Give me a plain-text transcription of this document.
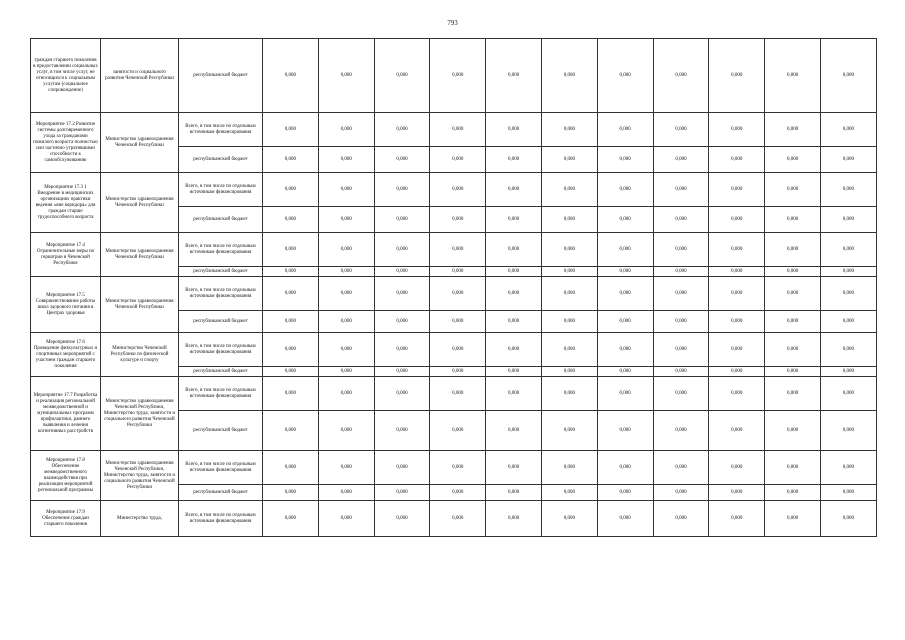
793
граждан старшего поколения в предоставлении социальных услуг, в том числе услуг, не относящихся к социальным услугам (социальное сопровождение)	занятости и социального развития Чеченской Республики	республиканский бюджет	0,000	0,000	0,000	0,000	0,000	0,000	0,000	0,000	0,000	0,000	0,000
Мероприятие 17.2 Развитие системы долговременного ухода за гражданами пожилого возраста полностью или частично утратившими способности к самообслуживанию	Министерство здравоохранения Чеченской Республики	Всего, в том числе по отдельным источникам финансирования	0,000	0,000	0,000	0,000	0,000	0,000	0,000	0,000	0,000	0,000	0,000
		республиканский бюджет	0,000	0,000	0,000	0,000	0,000	0,000	0,000	0,000	0,000	0,000	0,000
Мероприятие 17.3 1 Внедрение в медицинских организациях практики ведения «вне коридора» для граждан старше трудоспособного возраста	Министерство здравоохранения Чеченской Республики	Всего, в том числе по отдельным источникам финансирования	0,000	0,000	0,000	0,000	0,000	0,000	0,000	0,000	0,000	0,000	0,000
		республиканский бюджет	0,000	0,000	0,000	0,000	0,000	0,000	0,000	0,000	0,000	0,000	0,000
Мероприятие 17.4 Ограничительные меры по гериатрии в Чеченской Республике	Министерство здравоохранения Чеченской Республики	Всего, в том числе по отдельным источникам финансирования	0,000	0,000	0,000	0,000	0,000	0,000	0,000	0,000	0,000	0,000	0,000
		республиканский бюджет	0,000	0,000	0,000	0,000	0,000	0,000	0,000	0,000	0,000	0,000	0,000
Мероприятие 17.5 Совершенствование работы школ здорового питания в Центрах здоровья	Министерство здравоохранения Чеченской Республики	Всего, в том числе по отдельным источникам финансирования	0,000	0,000	0,000	0,000	0,000	0,000	0,000	0,000	0,000	0,000	0,000
		республиканский бюджет	0,000	0,000	0,000	0,000	0,000	0,000	0,000	0,000	0,000	0,000	0,000
Мероприятие 17.6 Проведение физкультурных и спортивных мероприятий с участием граждан старшего поколения	Министерство Чеченской Республики по физической культуре и спорту	Всего, в том числе по отдельным источникам финансирования	0,000	0,000	0,000	0,000	0,000	0,000	0,000	0,000	0,000	0,000	0,000
		республиканский бюджет	0,000	0,000	0,000	0,000	0,000	0,000	0,000	0,000	0,000	0,000	0,000
Мероприятие 17.7 Разработка и реализация региональной межведомственной и муниципальных программ профилактики, раннего выявления и лечения когнитивных расстройств	Министерство здравоохранения Чеченской Республики, Министерство труда, занятости и социального развития Чеченской Республики	Всего, в том числе по отдельным источникам финансирования	0,000	0,000	0,000	0,000	0,000	0,000	0,000	0,000	0,000	0,000	0,000
		республиканский бюджет	0,000	0,000	0,000	0,000	0,000	0,000	0,000	0,000	0,000	0,000	0,000
Мероприятие 17.8 Обеспечение межведомственного взаимодействия при реализации мероприятий региональной программы	Министерство здравоохранения Чеченской Республики, Министерство труда, занятости и социального развития Чеченской Республики	Всего, в том числе по отдельным источникам финансирования	0,000	0,000	0,000	0,000	0,000	0,000	0,000	0,000	0,000	0,000	0,000
		республиканский бюджет	0,000	0,000	0,000	0,000	0,000	0,000	0,000	0,000	0,000	0,000	0,000
Мероприятие 17.9 Обеспечение граждан старшего поколения	Министерство труда,	Всего, в том числе по отдельным источникам финансирования	0,000	0,000	0,000	0,000	0,000	0,000	0,000	0,000	0,000	0,000	0,000
